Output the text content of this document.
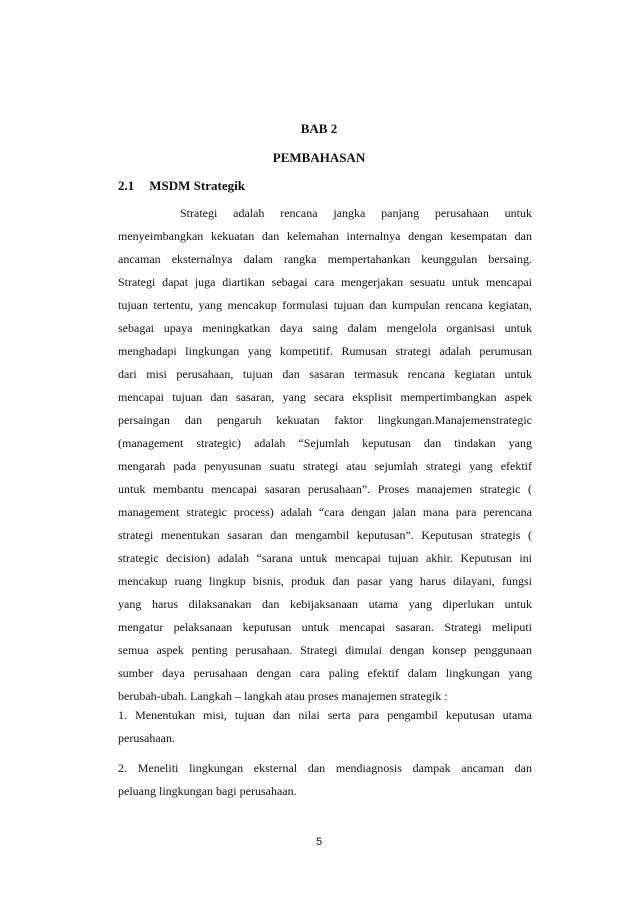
BAB 2
PEMBAHASAN
2.1 MSDM Strategik
Strategi adalah rencana jangka panjang perusahaan untuk
menyeimbangkan kekuatan dan kelemahan internalnya dengan kesempatan dan
ancaman eksternalnya dalam rangka mempertahankan keunggulan bersaing.
Strategi dapat juga diartikan sebagai cara mengerjakan sesuatu untuk mencapai
tujuan tertentu, yang mencakup formulasi tujuan dan kumpulan rencana kegiatan,
sebagai upaya meningkatkan daya saing dalam mengelola organisasi untuk
menghadapi lingkungan yang kompetitif. Rumusan strategi adalah perumusan
dari misi perusahaan, tujuan dan sasaran termasuk rencana kegiatan untuk
mencapai tujuan dan sasaran, yang secara eksplisit mempertimbangkan aspek
persaingan dan pengaruh kekuatan faktor lingkungan.Manajemenstrategic
(management strategic) adalah “Sejumlah keputusan dan tindakan yang
mengarah pada penyusunan suatu strategi atau sejumlah strategi yang efektif
untuk membantu mencapai sasaran perusahaan”. Proses manajemen strategic (
management strategic process) adalah “cara dengan jalan mana para perencana
strategi menentukan sasaran dan mengambil keputusan”. Keputusan strategis (
strategic decision) adalah “sarana untuk mencapai tujuan akhir. Keputusan ini
mencakup ruang lingkup bisnis, produk dan pasar yang harus dilayani, fungsi
yang harus dilaksanakan dan kebijaksanaan utama yang diperlukan untuk
mengatur pelaksanaan keputusan untuk mencapai sasaran. Strategi meliputi
semua aspek penting perusahaan. Strategi dimulai dengan konsep penggunaan
sumber daya perusahaan dengan cara paling efektif dalam lingkungan yang
berubah-ubah. Langkah – langkah atau proses manajemen strategik :
1. Menentukan misi, tujuan dan nilai serta para pengambil keputusan utama
perusahaan.
2. Meneliti lingkungan eksternal dan mendiagnosis dampak ancaman dan
peluang lingkungan bagi perusahaan.
5
